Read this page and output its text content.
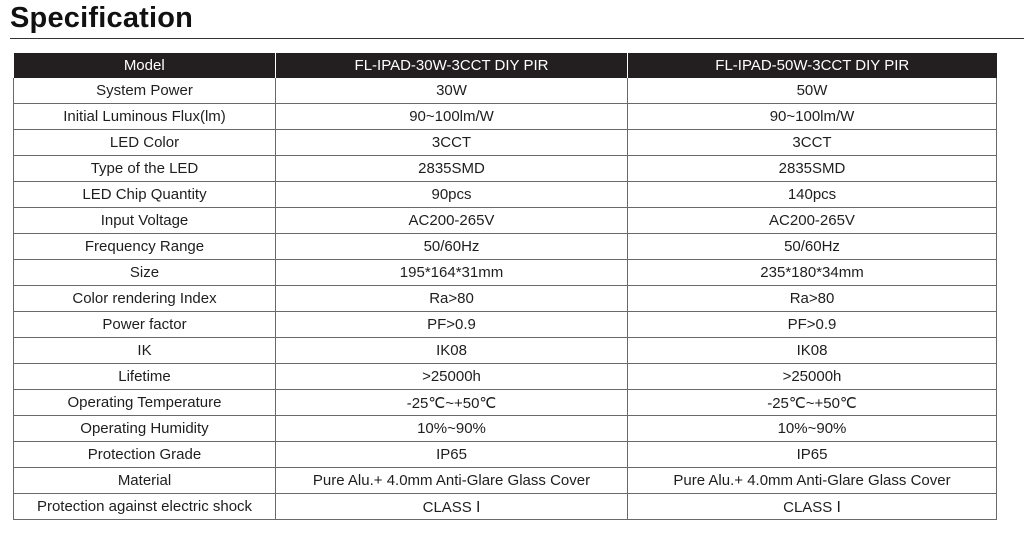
Specification
Model	FL-IPAD-30W-3CCT DIY PIR	FL-IPAD-50W-3CCT DIY PIR
System Power	30W	50W
Initial Luminous Flux(lm)	90~100lm/W	90~100lm/W
LED Color	3CCT	3CCT
Type of the LED	2835SMD	2835SMD
LED Chip Quantity	90pcs	140pcs
Input Voltage	AC200-265V	AC200-265V
Frequency Range	50/60Hz	50/60Hz
Size	195*164*31mm	235*180*34mm
Color rendering Index	Ra>80	Ra>80
Power factor	PF>0.9	PF>0.9
IK	IK08	IK08
Lifetime	>25000h	>25000h
Operating Temperature	-25℃~+50℃	-25℃~+50℃
Operating Humidity	10%~90%	10%~90%
Protection Grade	IP65	IP65
Material	Pure Alu.+ 4.0mm Anti-Glare Glass Cover	Pure Alu.+ 4.0mm Anti-Glare Glass Cover
Protection against electric shock	CLASS Ⅰ	CLASS Ⅰ
